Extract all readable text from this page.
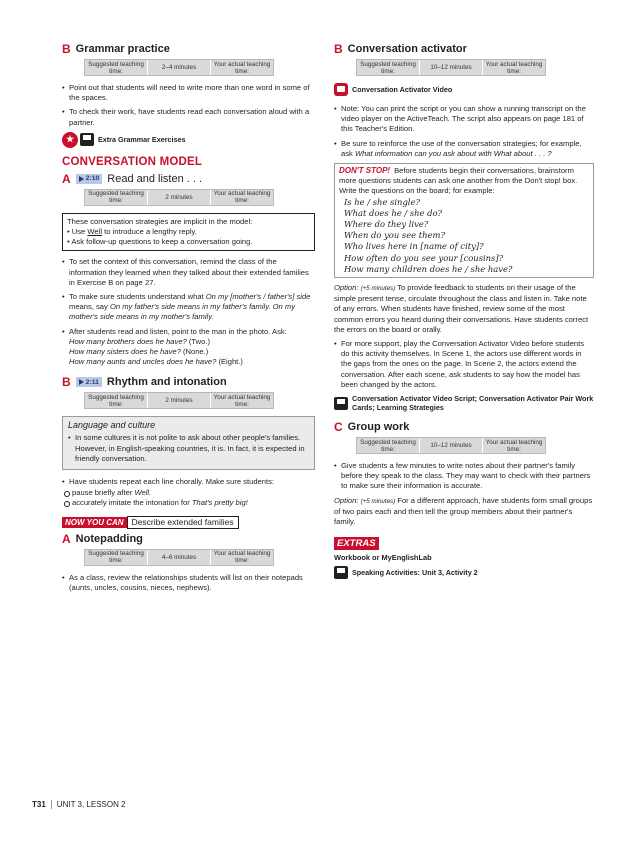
B Grammar practice
Suggested teaching time:	2–4 minutes	Your actual teaching time:
• Point out that students will need to write more than one word in some of the spaces.
• To check their work, have students read each conversation aloud with a partner.
★	Extra Grammar Exercises
CONVERSATION MODEL
A 2:10 Read and listen . . .
Suggested teaching time:	2 minutes	Your actual teaching time:
These conversation strategies are implicit in the model:
• Use Well to introduce a lengthy reply.
• Ask follow-up questions to keep a conversation going.
• To set the context of this conversation, remind the class of the information they learned when they talked about their extended families in Exercise B on page 27.
• To make sure students understand what On my [mother's / father's] side means, say On my father's side means in my father's family. On my mother's side means in my mother's family.
• After students read and listen, point to the man in the photo. Ask:
How many brothers does he have? (Two.)
How many sisters does he have? (None.)
How many aunts and uncles does he have? (Eight.)
B 2:11 Rhythm and intonation
Suggested teaching time:	2 minutes	Your actual teaching time:
Language and culture
• In some cultures it is not polite to ask about other people's families. However, in English-speaking countries, it is. In fact, it is expected in friendly conversation.
• Have students repeat each line chorally. Make sure students:
pause briefly after Well.
accurately imitate the intonation for That's pretty big!
NOW YOU CAN Describe extended families
A Notepadding
Suggested teaching time:	4–6 minutes	Your actual teaching time:
• As a class, review the relationships students will list on their notepads (aunts, uncles, cousins, nieces, nephews).
B Conversation activator
Suggested teaching time:	10–12 minutes	Your actual teaching time:
Conversation Activator Video
• Note: You can print the script or you can show a running transcript on the video player on the ActiveTeach. The script also appears on page 181 of this Teacher's Edition.
• Be sure to reinforce the use of the conversation strategies; for example, ask What information can you ask about with What about . . . ?
DON'T STOP! Before students begin their conversations, brainstorm more questions students can ask one another from the Don't stop! box. Write the questions on the board; for example:
Is he / she single?
What does he / she do?
Where do they live?
When do you see them?
Who lives here in [name of city]?
How often do you see your [cousins]?
How many children does he / she have?
Option: (+5 minutes) To provide feedback to students on their usage of the simple present tense, circulate throughout the class and listen in. Take note of any errors. When students have finished, review some of the most common errors you heard during their conversations. Have students correct the errors on the board or orally.
• For more support, play the Conversation Activator Video before students do this activity themselves. In Scene 1, the actors use different words in the gaps from the ones on the page. In Scene 2, the actors extend the conversation. After each scene, ask students to say how the model has been changed by the actors.
Conversation Activator Video Script; Conversation Activator Pair Work Cards; Learning Strategies
C Group work
Suggested teaching time:	10–12 minutes	Your actual teaching time:
• Give students a few minutes to write notes about their partner's family before they speak to the class. They may want to check with their partners to make sure their information is accurate.
Option: (+5 minutes) For a different approach, have students form small groups of two pairs each and then tell the group members about their partner's family.
EXTRAS
Workbook or MyEnglishLab
Speaking Activities: Unit 3, Activity 2
T31 UNIT 3, LESSON 2
